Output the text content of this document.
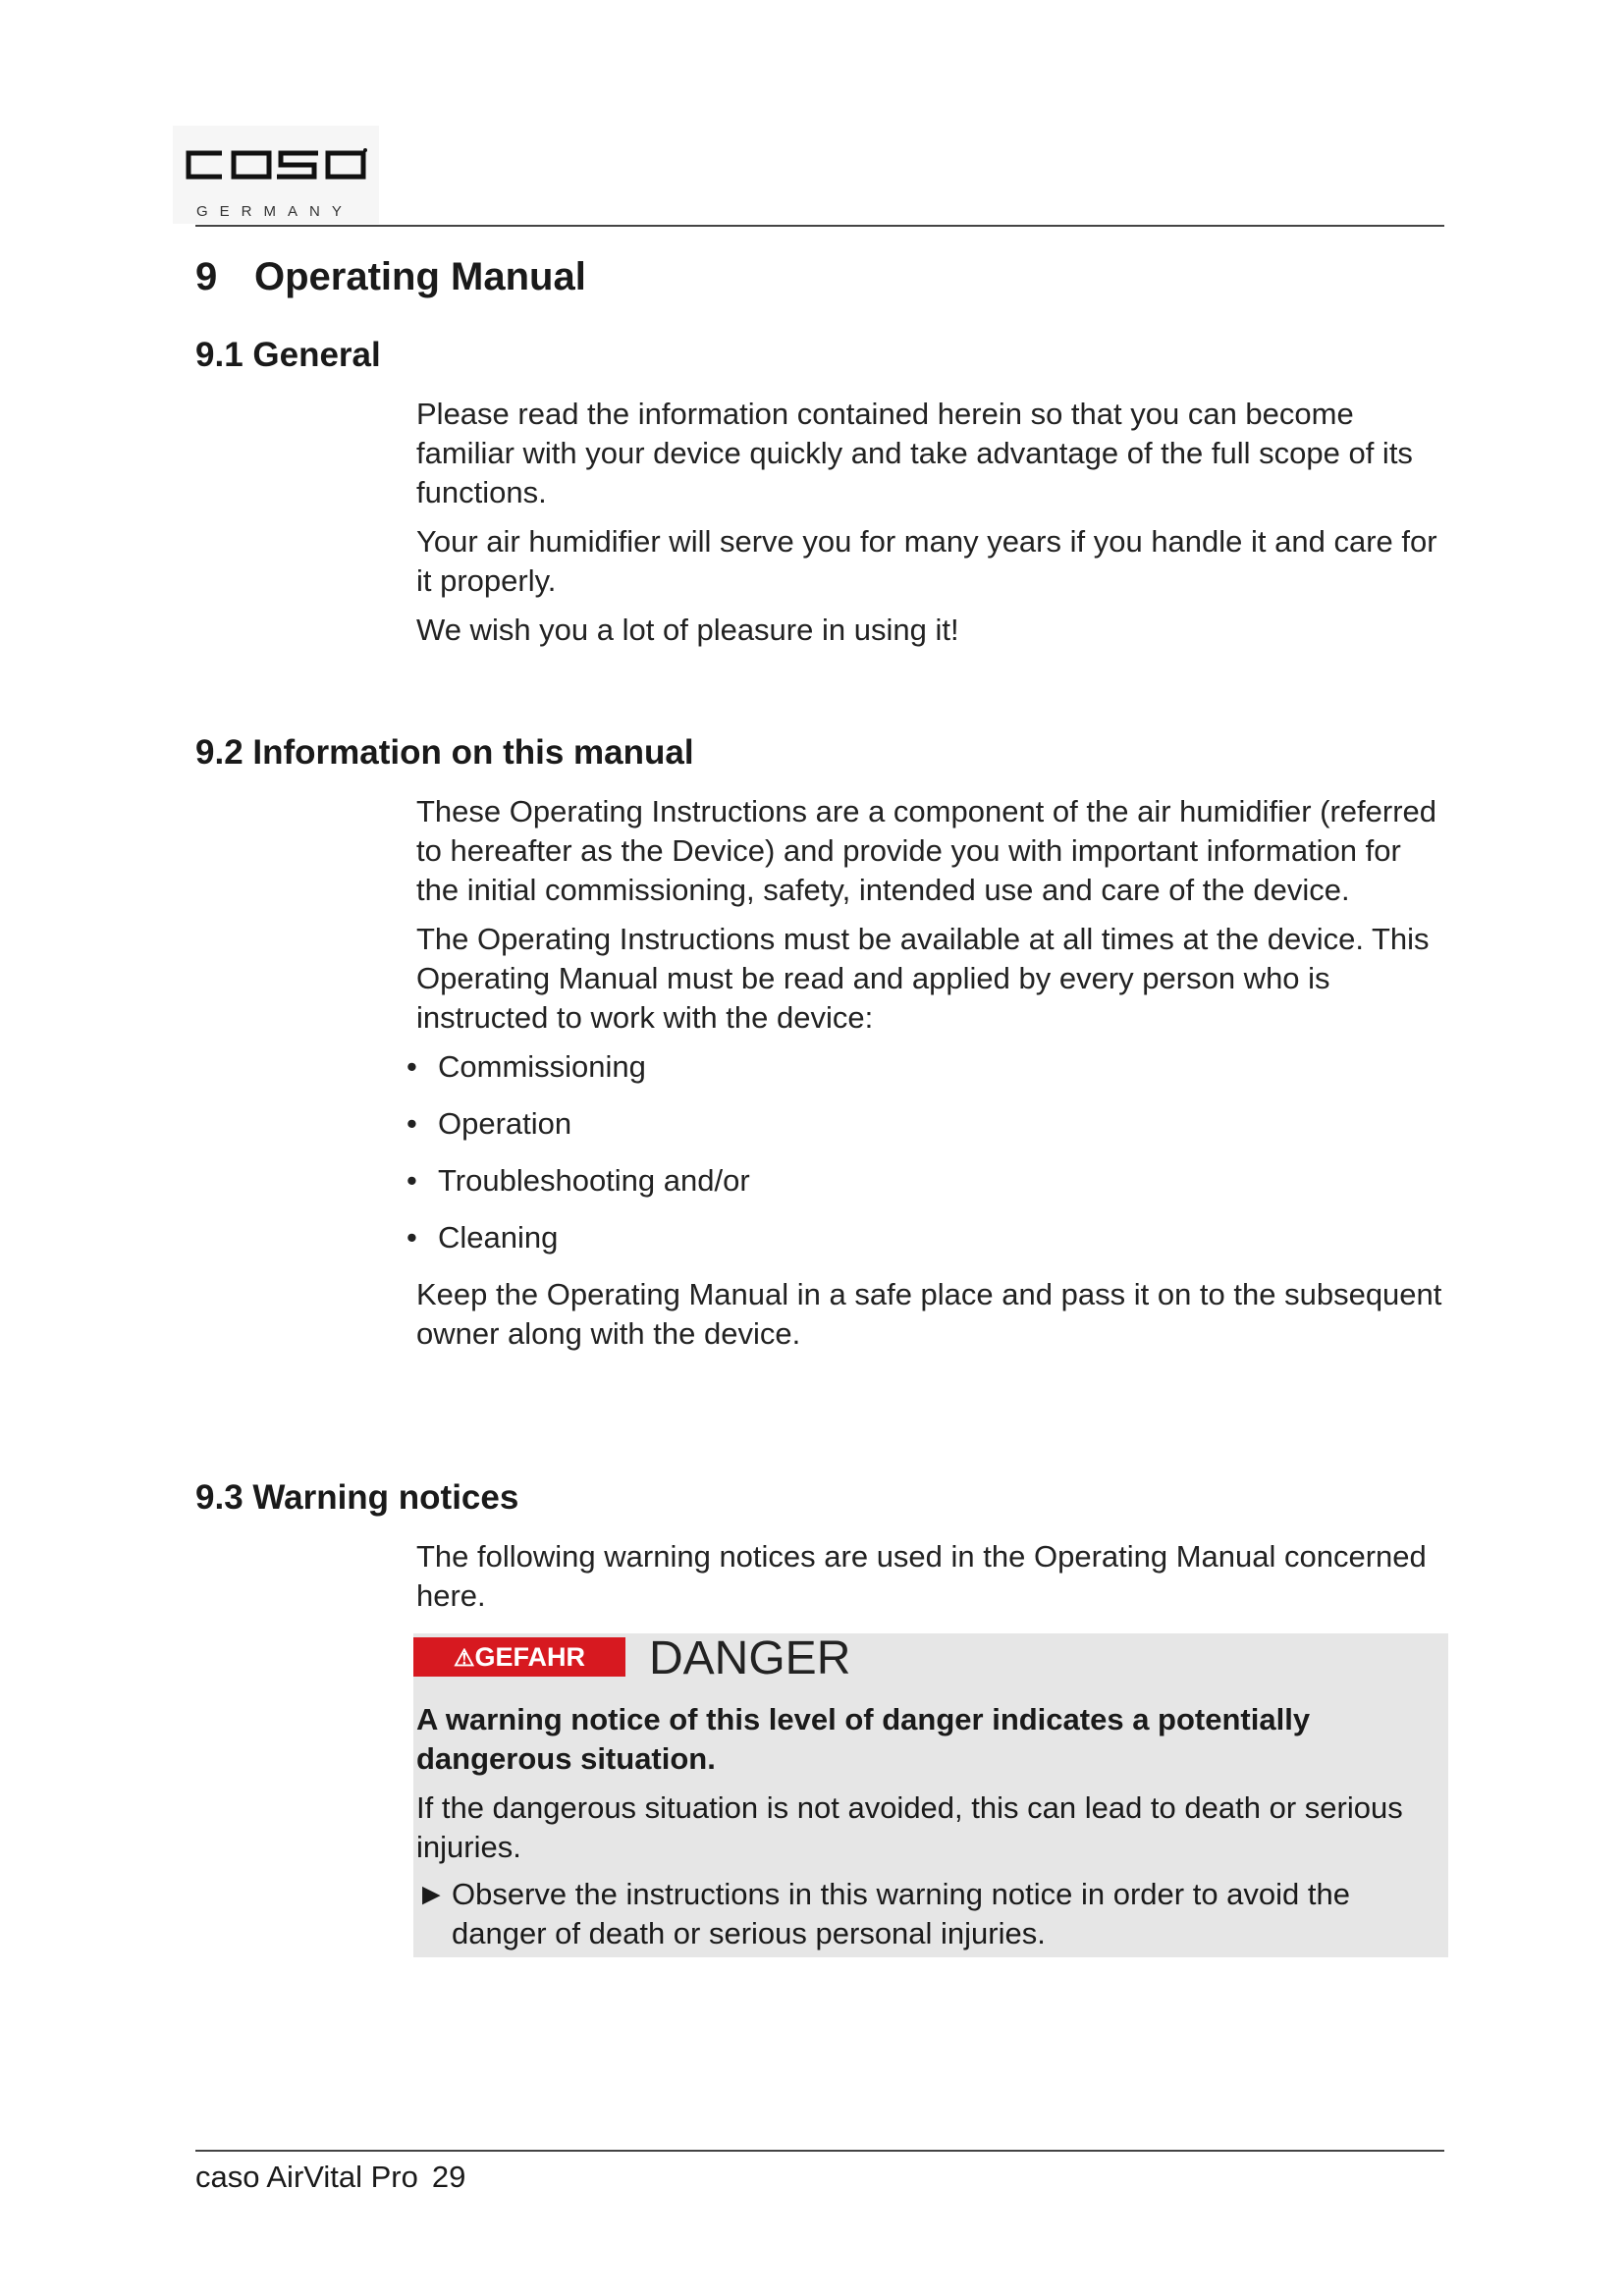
GERMANY
9 Operating Manual
9.1 General

Please read the information contained herein so that you can become familiar with your device quickly and take advantage of the full scope of its functions.

Your air humidifier will serve you for many years if you handle it and care for it properly.

We wish you a lot of pleasure in using it!

9.2 Information on this manual

These Operating Instructions are a component of the air humidifier (referred to hereafter as the Device) and provide you with important information for the initial commissioning, safety, intended use and care of the device.

The Operating Instructions must be available at all times at the device. This Operating Manual must be read and applied by every person who is instructed to work with the device:

• Commissioning
• Operation
• Troubleshooting and/or
• Cleaning

Keep the Operating Manual in a safe place and pass it on to the subsequent owner along with the device.

9.3 Warning notices

The following warning notices are used in the Operating Manual concerned here.

⚠GEFAHR	DANGER

A warning notice of this level of danger indicates a potentially dangerous situation.

If the dangerous situation is not avoided, this can lead to death or serious injuries.

► Observe the instructions in this warning notice in order to avoid the danger of death or serious personal injuries.
caso AirVital Pro 29
